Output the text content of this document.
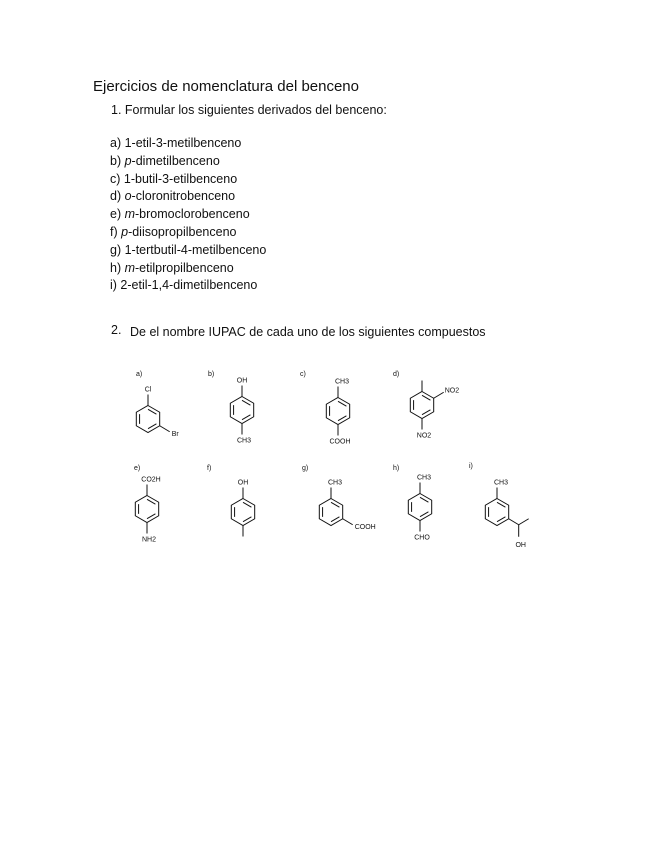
Ejercicios de nomenclatura del benceno
1. Formular los siguientes derivados del benceno:
a) 1-etil-3-metilbenceno
b) p-dimetilbenceno
c) 1-butil-3-etilbenceno
d) o-cloronitrobenceno
e) m-bromoclorobenceno
f) p-diisopropilbenceno
g) 1-tertbutil-4-metilbenceno
h) m-etilpropilbenceno
i) 2-etil-1,4-dimetilbenceno
2. De el nombre IUPAC de cada uno de los siguientes compuestos
a)
Cl
Br
b)
OH
CH3
c)
CH3
COOH
d)
NO2
NO2
e)
CO2H
NH2
f)
OH
g)
CH3
COOH
h)
CH3
CHO
i)
CH3
OH
